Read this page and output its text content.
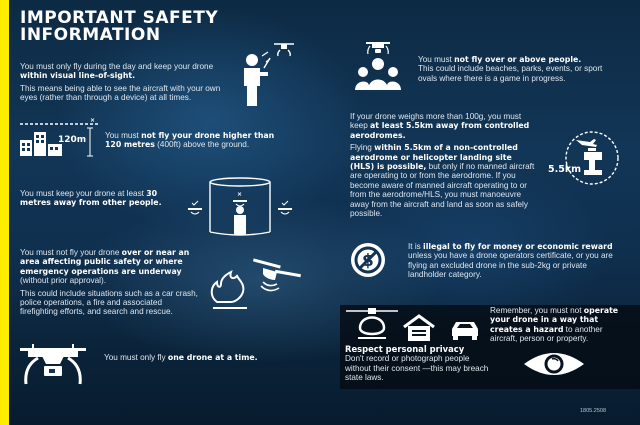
IMPORTANT SAFETY INFORMATION

You must only fly during the day and keep your drone within visual line-of-sight.

This means being able to see the aircraft with your own eyes (rather than through a device) at all times.

×
120m You must not fly your drone higher than 120 metres (400ft) above the ground.

You must keep your drone at least 30 metres away from other people.

×

You must not fly your drone over or near an area affecting public safety or where emergency operations are underway (without prior approval).

This could include situations such as a car crash, police operations, a fire and associated firefighting efforts, and search and rescue.

You must only fly one drone at a time.

You must not fly over or above people.
This could include beaches, parks, events, or sport ovals where there is a game in progress.

If your drone weighs more than 100g, you must keep at least 5.5km away from controlled aerodromes.

Flying within 5.5km of a non-controlled aerodrome or helicopter landing site (HLS) is possible, but only if no manned aircraft are operating to or from the aerodrome. If you become aware of manned aircraft operating to or from the aerodrome/HLS, you must manoeuvre away from the aircraft and land as soon as safely possible.

5.5km
$

It is illegal to fly for money or economic reward unless you have a drone operators certificate, or you are flying an excluded drone in the sub-2kg or private landholder category.

Respect personal privacy
Don't record or photograph people without their consent —this may breach state laws.

Remember, you must not operate your drone in a way that creates a hazard to another aircraft, person or property.

1805.2508
